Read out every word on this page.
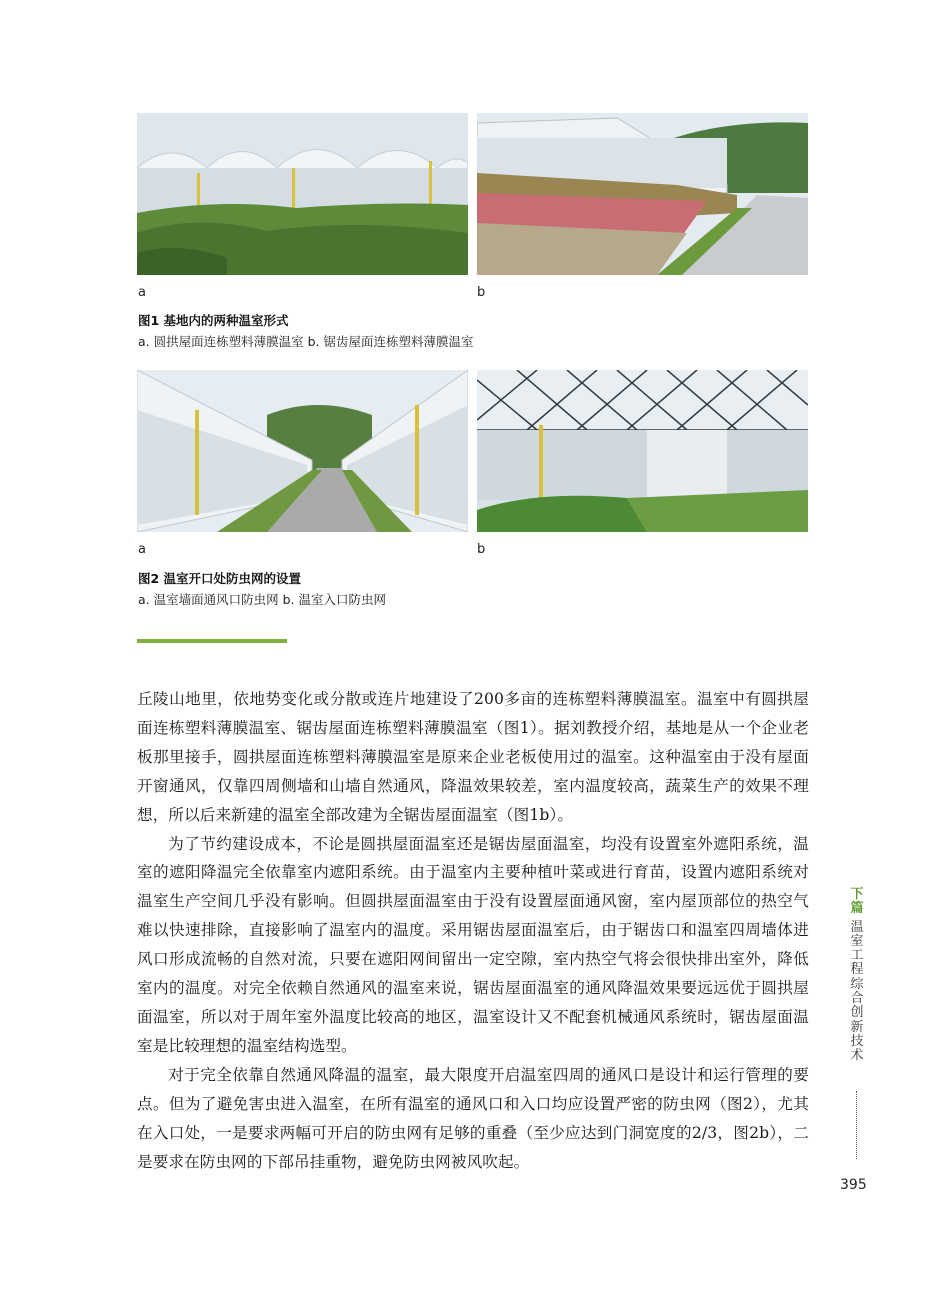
a	b
图1 基地内的两种温室形式
a. 圆拱屋面连栋塑料薄膜温室 b. 锯齿屋面连栋塑料薄膜温室
a	b
图2 温室开口处防虫网的设置
a. 温室墙面通风口防虫网 b. 温室入口防虫网

丘陵山地里，依地势变化或分散或连片地建设了200多亩的连栋塑料薄膜温室。温室中有圆拱屋面连栋塑料薄膜温室、锯齿屋面连栋塑料薄膜温室（图1）。据刘教授介绍，基地是从一个企业老板那里接手，圆拱屋面连栋塑料薄膜温室是原来企业老板使用过的温室。这种温室由于没有屋面开窗通风，仅靠四周侧墙和山墙自然通风，降温效果较差，室内温度较高，蔬菜生产的效果不理想，所以后来新建的温室全部改建为全锯齿屋面温室（图1b）。

为了节约建设成本，不论是圆拱屋面温室还是锯齿屋面温室，均没有设置室外遮阳系统，温室的遮阳降温完全依靠室内遮阳系统。由于温室内主要种植叶菜或进行育苗，设置内遮阳系统对温室生产空间几乎没有影响。但圆拱屋面温室由于没有设置屋面通风窗，室内屋顶部位的热空气难以快速排除，直接影响了温室内的温度。采用锯齿屋面温室后，由于锯齿口和温室四周墙体进风口形成流畅的自然对流，只要在遮阳网间留出一定空隙，室内热空气将会很快排出室外，降低室内的温度。对完全依赖自然通风的温室来说，锯齿屋面温室的通风降温效果要远远优于圆拱屋面温室，所以对于周年室外温度比较高的地区，温室设计又不配套机械通风系统时，锯齿屋面温室是比较理想的温室结构选型。

对于完全依靠自然通风降温的温室，最大限度开启温室四周的通风口是设计和运行管理的要点。但为了避免害虫进入温室，在所有温室的通风口和入口均应设置严密的防虫网（图2），尤其在入口处，一是要求两幅可开启的防虫网有足够的重叠（至少应达到门洞宽度的2/3，图2b），二是要求在防虫网的下部吊挂重物，避免防虫网被风吹起。

下篇
温室工程综合创新技术
395
